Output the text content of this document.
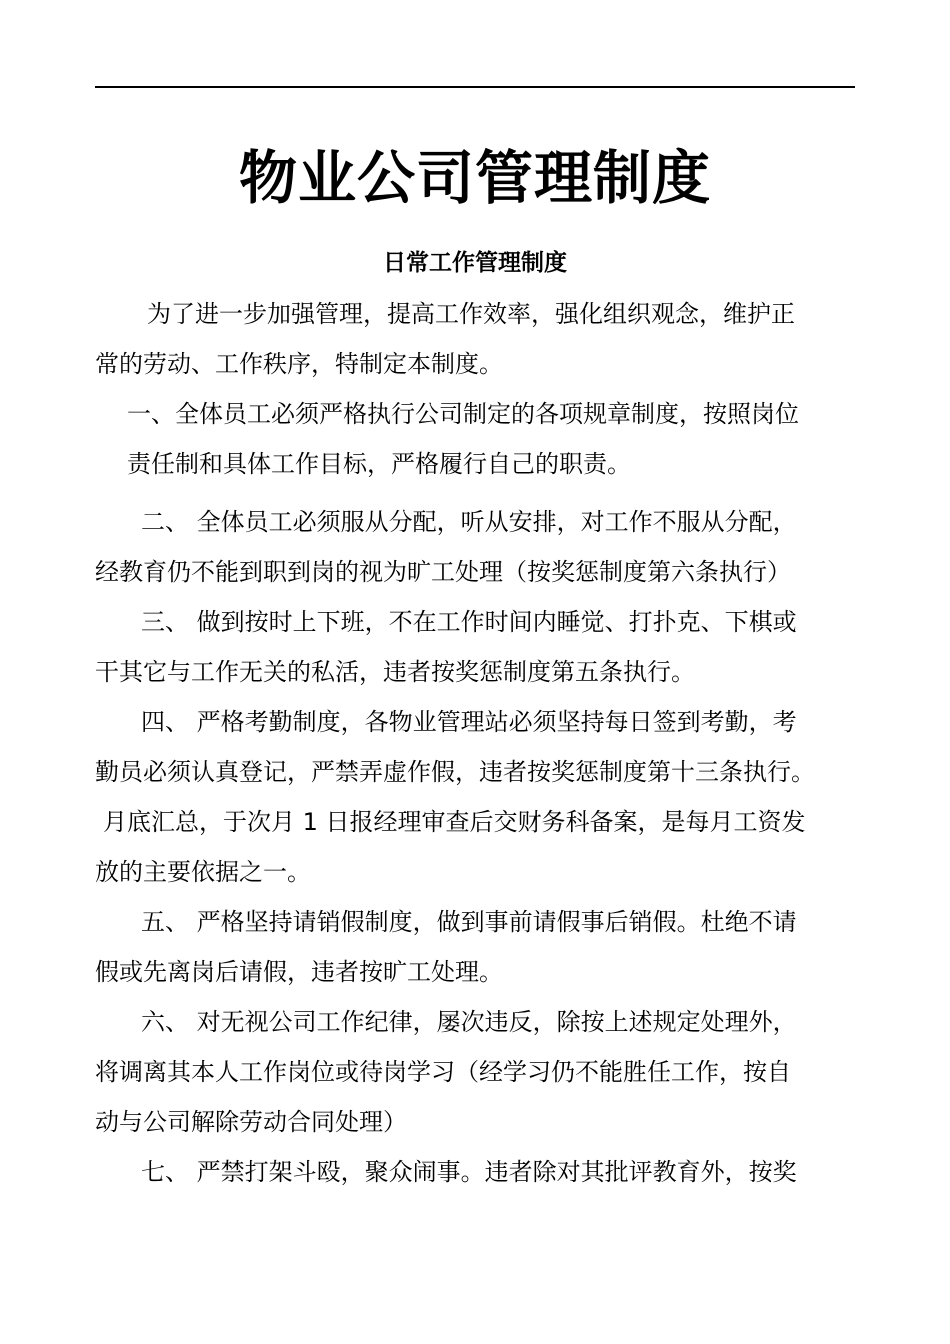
物业公司管理制度
日常工作管理制度
为了进一步加强管理，提高工作效率，强化组织观念，维护正
常的劳动、工作秩序，特制定本制度。
一、全体员工必须严格执行公司制定的各项规章制度，按照岗位
责任制和具体工作目标，严格履行自己的职责。
二、 全体员工必须服从分配，听从安排，对工作不服从分配，
经教育仍不能到职到岗的视为旷工处理（按奖惩制度第六条执行）
三、 做到按时上下班，不在工作时间内睡觉、打扑克、下棋或
干其它与工作无关的私活，违者按奖惩制度第五条执行。
四、 严格考勤制度，各物业管理站必须坚持每日签到考勤，考
勤员必须认真登记，严禁弄虚作假，违者按奖惩制度第十三条执行。
月底汇总，于次月 1 日报经理审查后交财务科备案，是每月工资发
放的主要依据之一。
五、 严格坚持请销假制度，做到事前请假事后销假。杜绝不请
假或先离岗后请假，违者按旷工处理。
六、 对无视公司工作纪律，屡次违反，除按上述规定处理外，
将调离其本人工作岗位或待岗学习（经学习仍不能胜任工作，按自
动与公司解除劳动合同处理）
七、 严禁打架斗殴，聚众闹事。违者除对其批评教育外，按奖
